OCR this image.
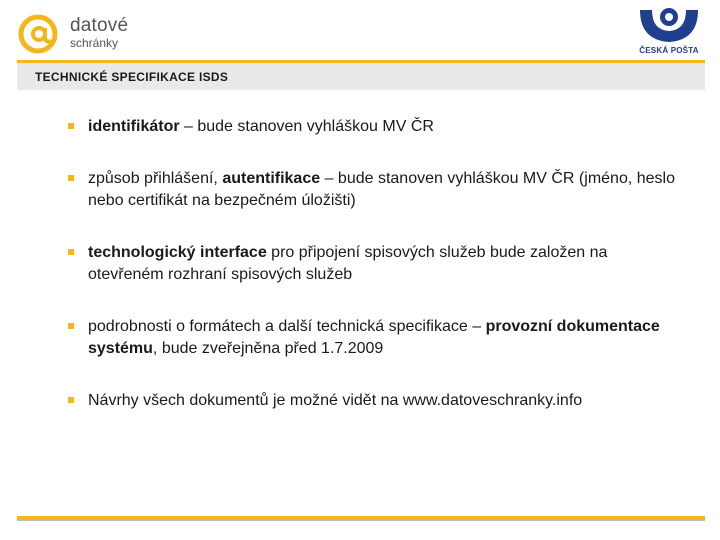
datové
schránky
ČESKÁ POŠTA
TECHNICKÉ SPECIFIKACE ISDS
identifikátor – bude stanoven vyhláškou MV ČR
způsob přihlášení, autentifikace – bude stanoven vyhláškou MV ČR (jméno, heslo nebo certifikát na bezpečném úložišti)
technologický interface pro připojení spisových služeb bude založen na otevřeném rozhraní spisových služeb
podrobnosti o formátech a další technická specifikace – provozní dokumentace systému, bude zveřejněna před 1.7.2009
Návrhy všech dokumentů je možné vidět na www.datoveschranky.info
